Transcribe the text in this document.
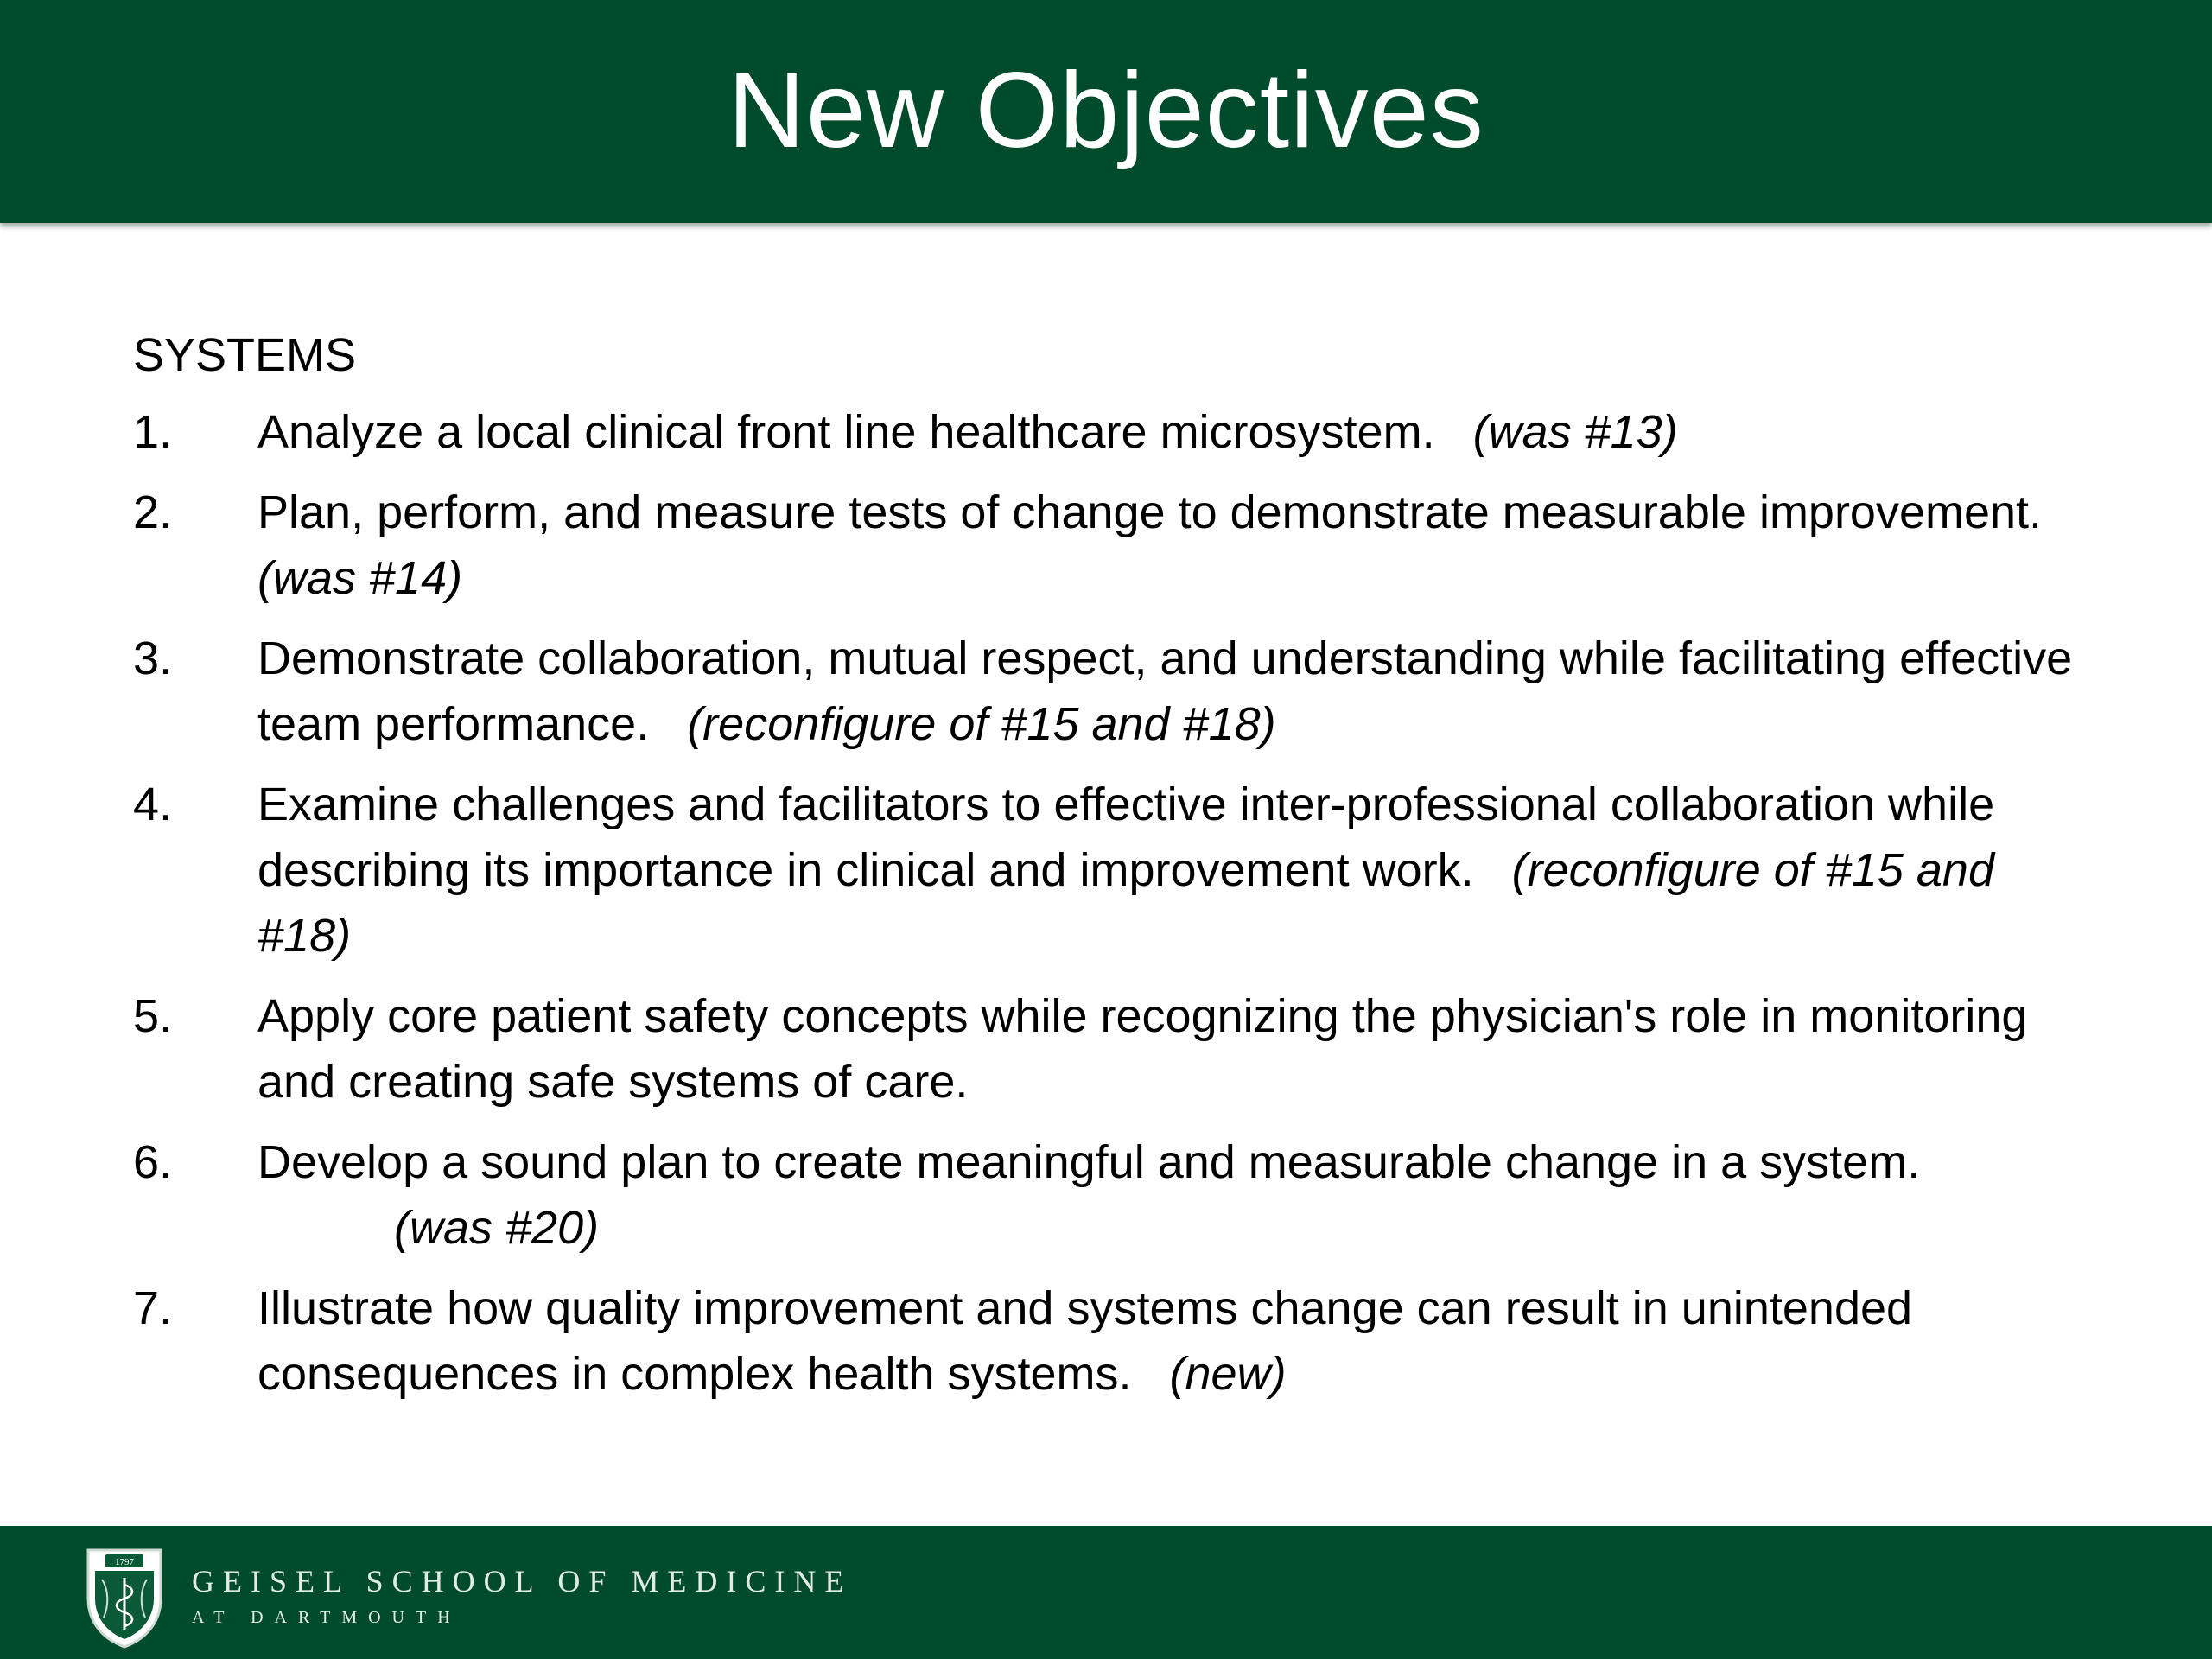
New Objectives
SYSTEMS
1. Analyze a local clinical front line healthcare microsystem. (was #13)
2. Plan, perform, and measure tests of change to demonstrate measurable improvement.(was #14)
3. Demonstrate collaboration, mutual respect, and understanding while facilitating effective team performance. (reconfigure of #15 and #18)
4. Examine challenges and facilitators to effective inter-professional collaboration while describing its importance in clinical and improvement work. (reconfigure of #15 and #18)
5. Apply core patient safety concepts while recognizing the physician's role in monitoring and creating safe systems of care.
6. Develop a sound plan to create meaningful and measurable change in a system.
(was #20)
7. Illustrate how quality improvement and systems change can result in unintended consequences in complex health systems. (new)
1797
GEISEL SCHOOL OF MEDICINE
AT DARTMOUTH
